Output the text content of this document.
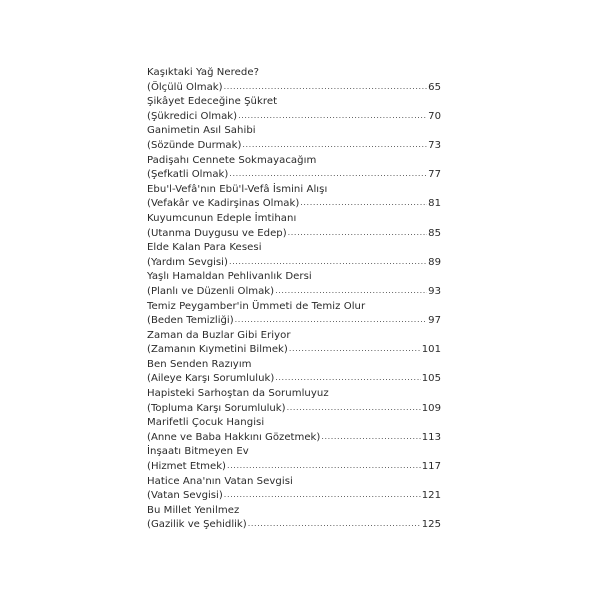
Kaşıktaki Yağ Nerede?
(Ölçülü Olmak) .....	65
Şikâyet Edeceğine Şükret
(Şükredici Olmak) .....	70
Ganimetin Asıl Sahibi
(Sözünde Durmak) .....	73
Padişahı Cennete Sokmayacağım
(Şefkatli Olmak) .....	77
Ebu'l-Vefâ'nın Ebü'l-Vefâ İsmini Alışı
(Vefakâr ve Kadirşinas Olmak) .....	81
Kuyumcunun Edeple İmtihanı
(Utanma Duygusu ve Edep) .....	85
Elde Kalan Para Kesesi
(Yardım Sevgisi) .....	89
Yaşlı Hamaldan Pehlivanlık Dersi
(Planlı ve Düzenli Olmak) .....	93
Temiz Peygamber'in Ümmeti de Temiz Olur
(Beden Temizliği) .....	97
Zaman da Buzlar Gibi Eriyor
(Zamanın Kıymetini Bilmek) .....	101
Ben Senden Razıyım
(Aileye Karşı Sorumluluk) .....	105
Hapisteki Sarhoştan da Sorumluyuz
(Topluma Karşı Sorumluluk) .....	109
Marifetli Çocuk Hangisi
(Anne ve Baba Hakkını Gözetmek) .....	113
İnşaatı Bitmeyen Ev
(Hizmet Etmek) .....	117
Hatice Ana'nın Vatan Sevgisi
(Vatan Sevgisi) .....	121
Bu Millet Yenilmez
(Gazilik ve Şehidlik) .....	125
